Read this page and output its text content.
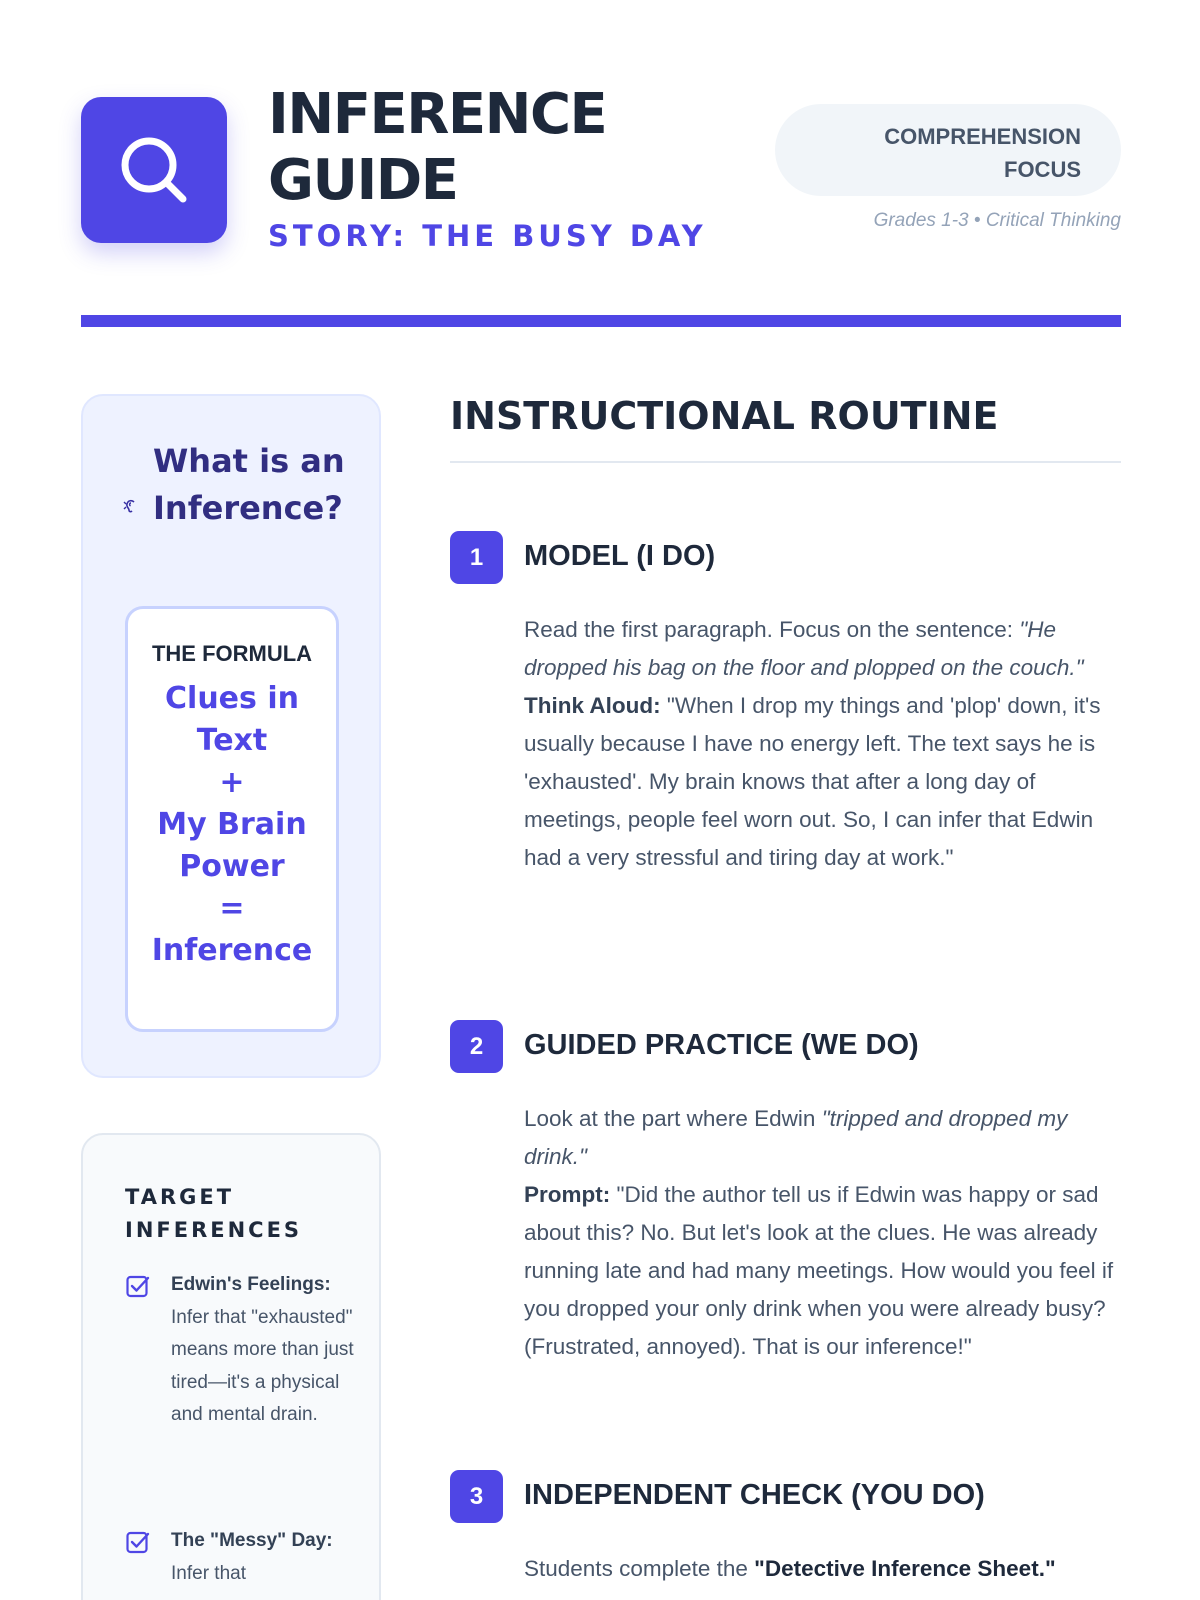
INFERENCE GUIDE
STORY: THE BUSY DAY
COMPREHENSION FOCUS
Grades 1-3 • Critical Thinking
What is an Inference?
THE FORMULA
Clues in Text
+
My Brain Power
=
Inference
TARGET INFERENCES
Edwin's Feelings: Infer that "exhausted" means more than just tired—it's a physical and mental drain.
The "Messy" Day: Infer that
INSTRUCTIONAL ROUTINE
1	MODEL (I DO)
Read the first paragraph. Focus on the sentence: "He dropped his bag on the floor and plopped on the couch."
Think Aloud: "When I drop my things and 'plop' down, it's usually because I have no energy left. The text says he is 'exhausted'. My brain knows that after a long day of meetings, people feel worn out. So, I can infer that Edwin had a very stressful and tiring day at work."
2	GUIDED PRACTICE (WE DO)
Look at the part where Edwin "tripped and dropped my drink."
Prompt: "Did the author tell us if Edwin was happy or sad about this? No. But let's look at the clues. He was already running late and had many meetings. How would you feel if you dropped your only drink when you were already busy? (Frustrated, annoyed). That is our inference!"
3	INDEPENDENT CHECK (YOU DO)
Students complete the "Detective Inference Sheet."
